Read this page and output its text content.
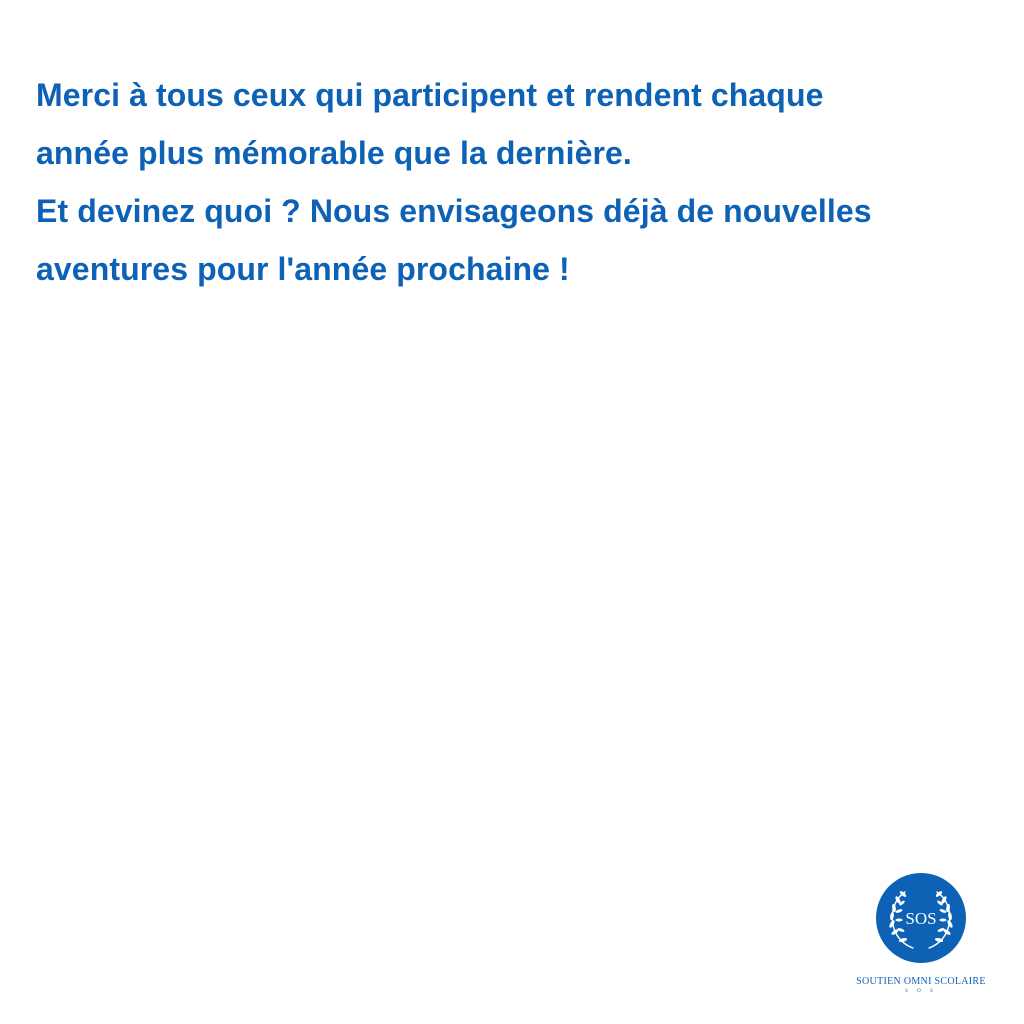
Merci à tous ceux qui participent et rendent chaque

année plus mémorable que la dernière.

Et devinez quoi ? Nous envisageons déjà de nouvelles

aventures pour l'année prochaine !

SOS
SOUTIEN OMNI SCOLAIRE
S O S
